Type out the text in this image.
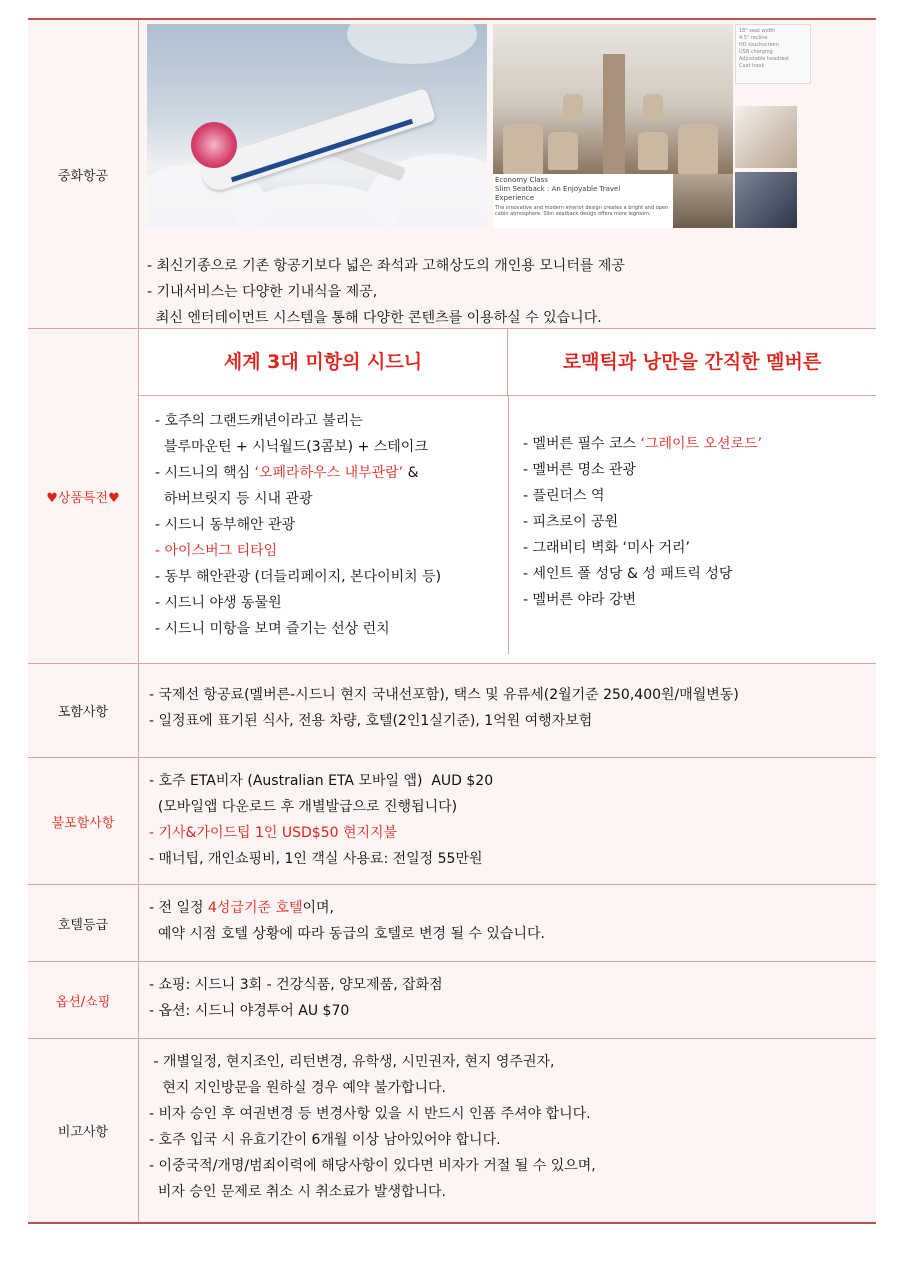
중화항공
18" seat width
4.5" recline
HD touchscreen
USB charging
Adjustable headrest
Coat hook
Economy Class
Slim Seatback : An Enjoyable Travel
Experience
The innovative and modern interior design creates a bright and open cabin atmosphere. Slim seatback design offers more legroom.
- 최신기종으로 기존 항공기보다 넓은 좌석과 고해상도의 개인용 모니터를 제공
- 기내서비스는 다양한 기내식을 제공,
최신 엔터테이먼트 시스템을 통해 다양한 콘텐츠를 이용하실 수 있습니다.
♥상품특전♥
세계 3대 미항의 시드니	로맥틱과 낭만을 간직한 멜버른
- 호주의 그랜드캐년이라고 불리는
블루마운틴 + 시닉월드(3콤보) + 스테이크
- 시드니의 핵심 ‘오페라하우스 내부관람’ &
하버브릿지 등 시내 관광
- 시드니 동부해안 관광
- 아이스버그 티타임
- 동부 해안관광 (더들리페이지, 본다이비치 등)
- 시드니 야생 동물원
- 시드니 미항을 보며 즐기는 선상 런치
- 멜버른 필수 코스 ‘그레이트 오션로드’
- 멜버른 명소 관광
- 플린더스 역
- 피츠로이 공원
- 그래비티 벽화 ‘미사 거리’
- 세인트 폴 성당 & 성 패트릭 성당
- 멜버른 야라 강변
포함사항
- 국제선 항공료(멜버른-시드니 현지 국내선포함), 택스 및 유류세(2월기준 250,400원/매월변동)
- 일정표에 표기된 식사, 전용 차량, 호텔(2인1실기준), 1억원 여행자보험
불포함사항
- 호주 ETA비자 (Australian ETA 모바일 앱)  AUD $20
(모바일앱 다운로드 후 개별발급으로 진행됩니다)
- 기사&가이드팁 1인 USD$50 현지지불
- 매너팁, 개인쇼핑비, 1인 객실 사용료: 전일정 55만원
호텔등급
- 전 일정 4성급기준 호텔이며,
예약 시점 호텔 상황에 따라 동급의 호텔로 변경 될 수 있습니다.
옵션/쇼핑
- 쇼핑: 시드니 3회 - 건강식품, 양모제품, 잡화점
- 옵션: 시드니 야경투어 AU $70
비고사항
- 개별일정, 현지조인, 리턴변경, 유학생, 시민권자, 현지 영주권자,
현지 지인방문을 원하실 경우 예약 불가합니다.
- 비자 승인 후 여권변경 등 변경사항 있을 시 반드시 인폼 주셔야 합니다.
- 호주 입국 시 유효기간이 6개월 이상 남아있어야 합니다.
- 이중국적/개명/범죄이력에 해당사항이 있다면 비자가 거절 될 수 있으며,
비자 승인 문제로 취소 시 취소료가 발생합니다.
